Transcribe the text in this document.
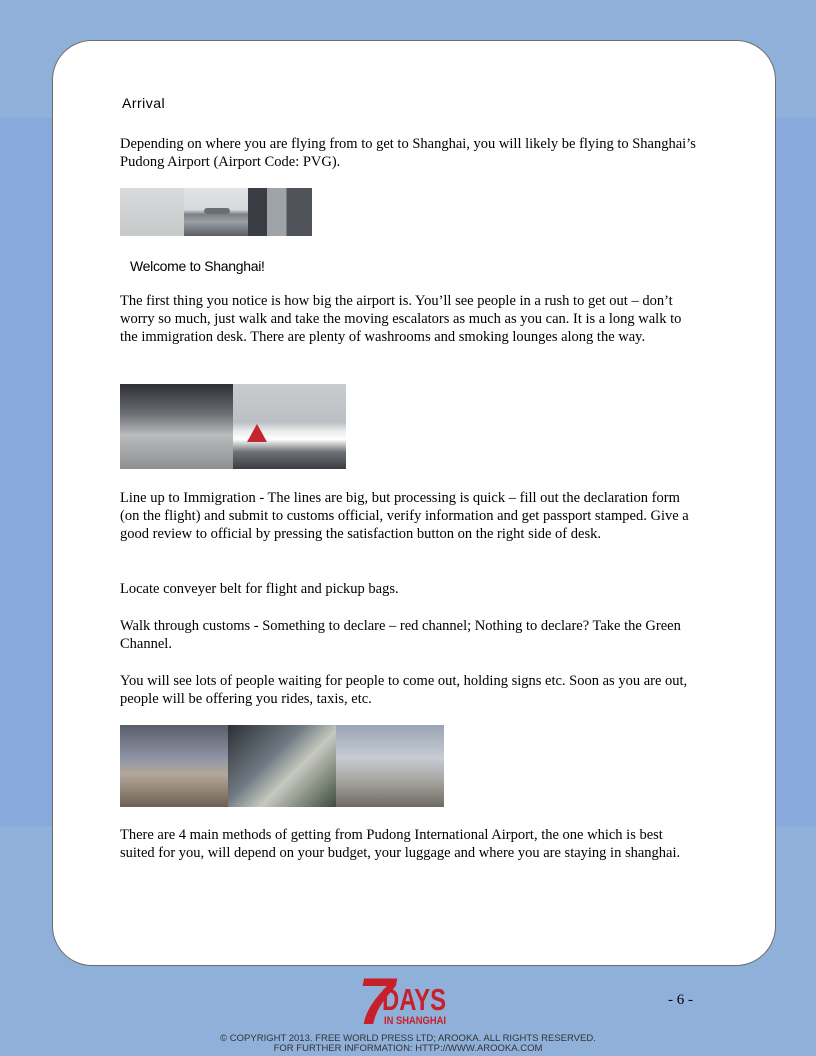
Arrival
Depending on where you are flying from to get to Shanghai, you will likely be flying to Shanghai’s Pudong Airport (Airport Code: PVG).
Welcome to Shanghai!
The first thing you notice is how big the airport is. You’ll see people in a rush to get out – don’t worry so much, just walk and take the moving escalators as much as you can. It is a long walk to the immigration desk. There are plenty of washrooms and smoking lounges along the way.
Line up to Immigration - The lines are big, but processing is quick – fill out the declaration form (on the flight) and submit to customs official, verify information and get passport stamped. Give a good review to official by pressing the satisfaction button on the right side of desk.
Locate conveyer belt for flight and pickup bags.
Walk through customs - Something to declare – red channel; Nothing to declare? Take the Green Channel.
You will see lots of people waiting for people to come out, holding signs etc. Soon as you are out, people will be offering you rides, taxis, etc.
There are 4 main methods of getting from Pudong International Airport, the one which is best suited for you, will depend on your budget, your luggage and where you are staying in shanghai.
7
DAYS
IN SHANGHAI
- 6 -
© COPYRIGHT 2013. FREE WORLD PRESS LTD; AROOKA. ALL RIGHTS RESERVED.
FOR FURTHER INFORMATION: HTTP://WWW.AROOKA.COM
